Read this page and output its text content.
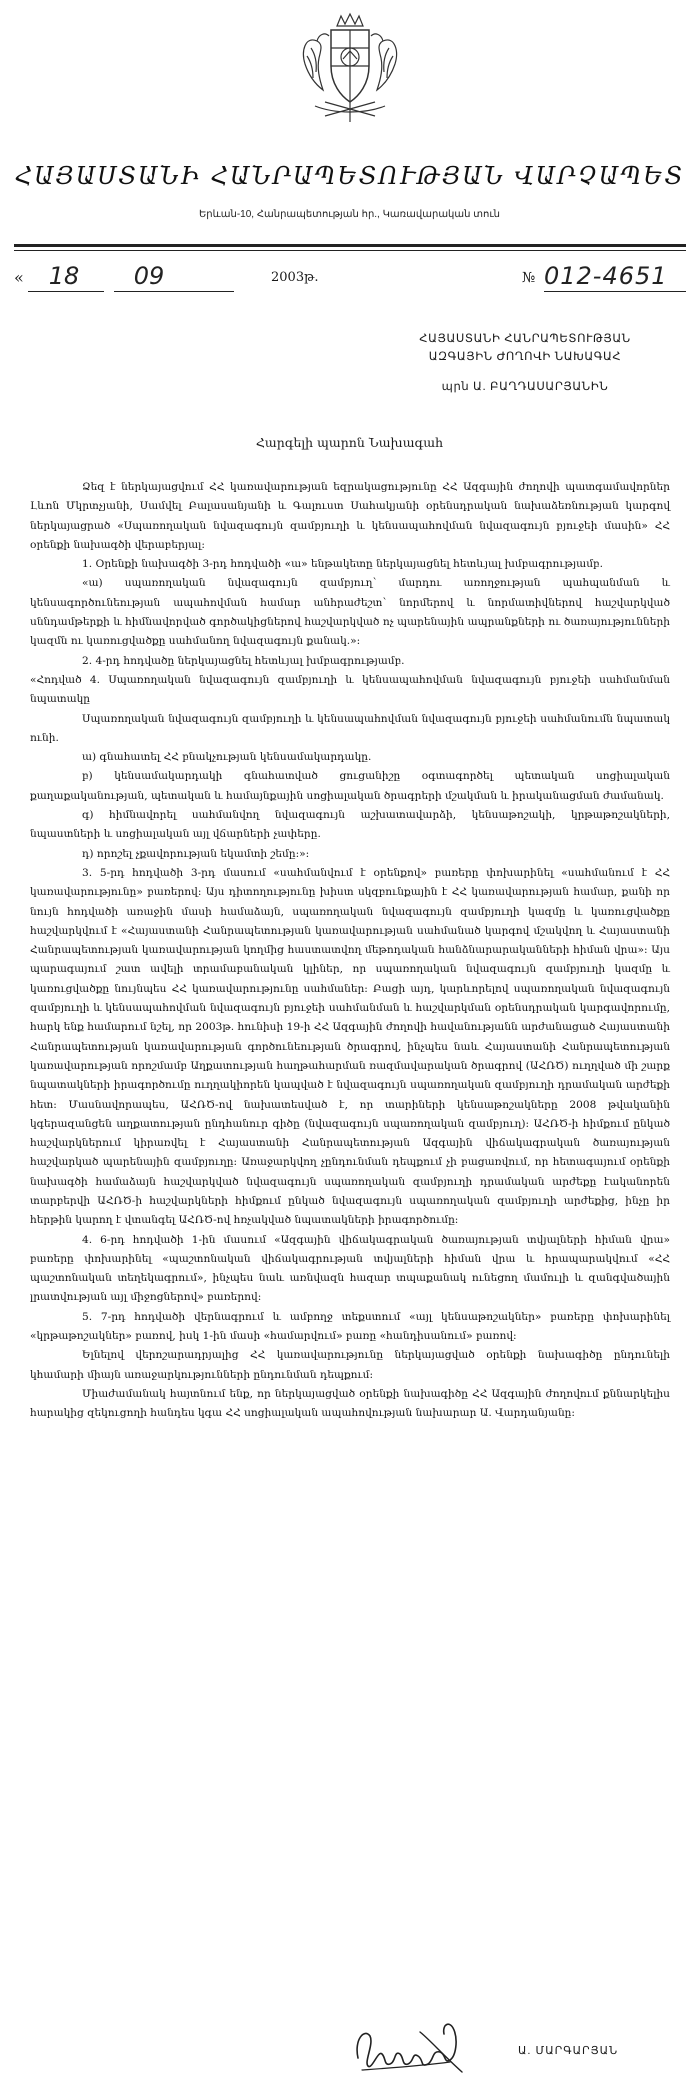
ՀԱՅԱՍՏԱՆԻ ՀԱՆՐԱՊԵՏՈՒԹՅԱՆ ՎԱՐՉԱՊԵՏ
Երևան-10, Հանրապետության հր., Կառավարական տուն
«	18	09	2003թ.	№ 012-4651
ՀԱՅԱՍՏԱՆԻ ՀԱՆՐԱՊԵՏՈՒԹՅԱՆ
ԱԶԳԱՅԻՆ ԺՈՂՈՎԻ ՆԱԽԱԳԱՀ
պրն Ա. ԲԱՂԴԱՍԱՐՅԱՆԻՆ
Հարգելի պարոն Նախագահ

Ձեզ է ներկայացվում ՀՀ կառավարության եզրակացությունը ՀՀ Ազգային ժողովի պատգամավորներ Լևոն Մկրտչյանի, Սամվել Բալասանյանի և Գալուստ Սահակյանի օրենսդրական նախաձեռնության կարգով ներկայացրած «Սպառողական նվազագույն զամբյուղի և կենսապահովման նվազագույն բյուջեի մասին» ՀՀ օրենքի նախագծի վերաբերյալ:

1. Օրենքի նախագծի 3-րդ հոդվածի «ա» ենթակետը ներկայացնել հետևյալ խմբագրությամբ.

«ա) սպառողական նվազագույն զամբյուղ՝ մարդու առողջության պահպանման և կենսագործունեության ապահովման համար անհրաժեշտ՝ նորմերով և նորմատիվներով հաշվարկված սննդամթերքի և հիմնավորված գործակիցներով հաշվարկված ոչ պարենային ապրանքների ու ծառայությունների կազմն ու կառուցվածքը սահմանող նվազագույն քանակ.»:

2. 4-րդ հոդվածը ներկայացնել հետևյալ խմբագրությամբ.

«Հոդված 4. Սպառողական նվազագույն զամբյուղի և կենսապահովման նվազագույն բյուջեի սահմանման նպատակը

Սպառողական նվազագույն զամբյուղի և կենսապահովման նվազագույն բյուջեի սահմանումն նպատակ ունի.

ա) գնահատել ՀՀ բնակչության կենսամակարդակը.

բ) կենսամակարդակի գնահատված ցուցանիշը օգտագործել պետական սոցիալական քաղաքականության, պետական և համայնքային սոցիալական ծրագրերի մշակման և իրականացման ժամանակ.

գ) հիմնավորել սահմանվող նվազագույն աշխատավարձի, կենսաթոշակի, կրթաթոշակների, նպաստների և սոցիալական այլ վճարների չափերը.

դ) որոշել չքավորության եկամտի շեմը:»:

3. 5-րդ հոդվածի 3-րդ մասում «սահմանվում է օրենքով» բառերը փոխարինել «սահմանում է ՀՀ կառավարությունը» բառերով: Այս դիտողությունը խիստ սկզբունքային է ՀՀ կառավարության համար, քանի որ նույն հոդվածի առաջին մասի համաձայն, սպառողական նվազագույն զամբյուղի կազմը և կառուցվածքը հաշվարկվում է «Հայաստանի Հանրապետության կառավարության սահմանած կարգով մշակվող և Հայաստանի Հանրապետության կառավարության կողմից հաստատվող մեթոդական հանձնարարականների հիման վրա»: Այս պարագայում շատ ավելի տրամաբանական կլիներ, որ սպառողական նվազագույն զամբյուղի կազմը և կառուցվածքը նույնպես ՀՀ կառավարությունը սահմաներ: Բացի այդ, կարևորելով սպառողական նվազագույն զամբյուղի և կենսապահովման նվազագույն բյուջեի սահմանման և հաշվարկման օրենսդրական կարգավորումը, հարկ ենք համարում նշել, որ 2003թ. հունիսի 19-ի ՀՀ Ազգային ժողովի հավանությանն արժանացած Հայաստանի Հանրապետության կառավարության գործունեության ծրագրով, ինչպես նաև Հայաստանի Հանրապետության կառավարության որոշմամբ Աղքատության հաղթահարման ռազմավարական ծրագրով (ԱՀՌԾ) ուղղված մի շարք նպատակների իրագործումը ուղղակիորեն կապված է նվազագույն սպառողական զամբյուղի դրամական արժեքի հետ: Մասնավորապես, ԱՀՌԾ-ով նախատեսված է, որ տարիների կենսաթոշակները 2008 թվականին կգերազանցեն աղքատության ընդհանուր գիծը (նվազագույն սպառողական զամբյուղ): ԱՀՌԾ-ի հիմքում ընկած հաշվարկներում կիրառվել է Հայաստանի Հանրապետության Ազգային վիճակագրական ծառայության հաշվարկած պարենային զամբյուղը: Առաջարկվող չընդունման դեպքում չի բացառվում, որ հետագայում օրենքի նախագծի համաձայն հաշվարկված նվազագույն սպառողական զամբյուղի դրամական արժեքը էականորեն տարբերվի ԱՀՌԾ-ի հաշվարկների հիմքում ընկած նվազագույն սպառողական զամբյուղի արժեքից, ինչը իր հերթին կարող է վտանգել ԱՀՌԾ-ով հռչակված նպատակների իրագործումը:

4. 6-րդ հոդվածի 1-ին մասում «Ազգային վիճակագրական ծառայության տվյալների հիման վրա» բառերը փոխարինել «պաշտոնական վիճակագրության տվյալների հիման վրա և հրապարակվում «ՀՀ պաշտոնական տեղեկագրում», ինչպես նաև առնվազն հազար տպաքանակ ունեցող մամուլի և զանգվածային լրատվության այլ միջոցներով» բառերով:

5. 7-րդ հոդվածի վերնագրում և ամբողջ տեքստում «այլ կենսաթոշակներ» բառերը փոխարինել «կրթաթոշակներ» բառով, իսկ 1-ին մասի «համարվում» բառը «հանդիսանում» բառով:

Ելնելով վերոշարադրյալից ՀՀ կառավարությունը ներկայացված օրենքի նախագիծը ընդունելի կհամարի միայն առաջարկությունների ընդունման դեպքում:

Միաժամանակ հայտնում ենք, որ ներկայացված օրենքի նախագիծը ՀՀ Ազգային ժողովում քննարկելիս հարակից զեկուցողի հանդես կգա ՀՀ սոցիալական ապահովության նախարար Ա. Վարդանյանը:

Ա. ՄԱՐԳԱՐՅԱՆ
